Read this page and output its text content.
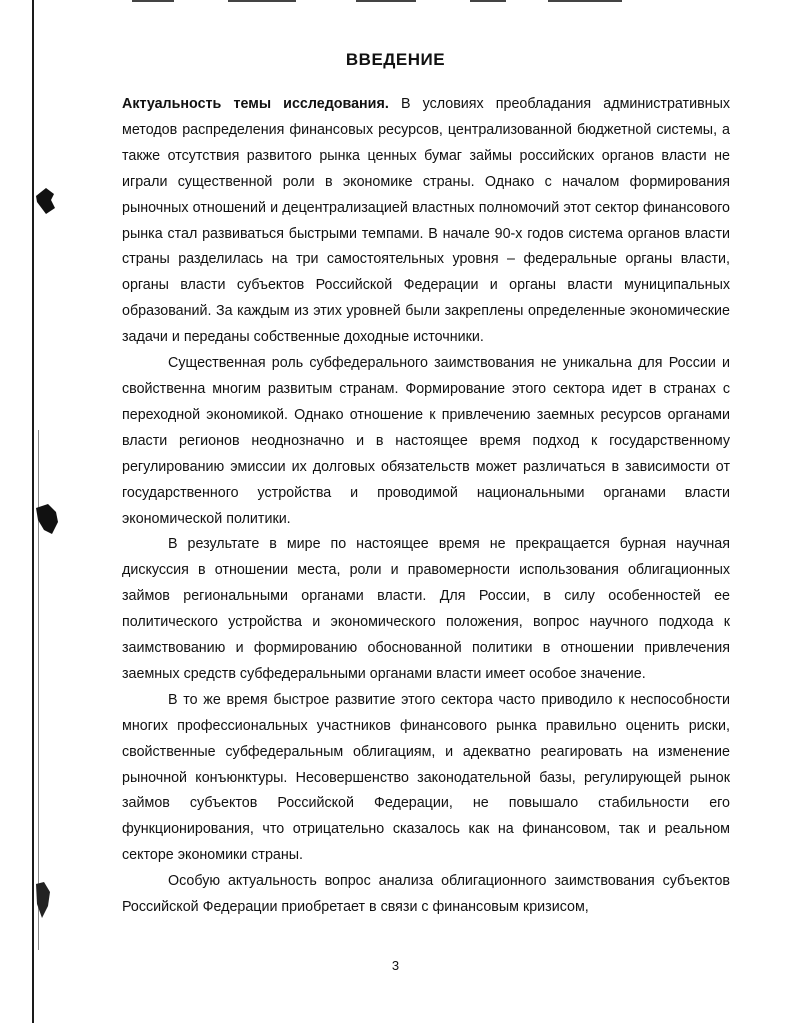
ВВЕДЕНИЕ

Актуальность темы исследования. В условиях преобладания административных методов распределения финансовых ресурсов, централизованной бюджетной системы, а также отсутствия развитого рынка ценных бумаг займы российских органов власти не играли существенной роли в экономике страны. Однако с началом формирования рыночных отношений и децентрализацией властных полномочий этот сектор финансового рынка стал развиваться быстрыми темпами. В начале 90-х годов система органов власти страны разделилась на три самостоятельных уровня – федеральные органы власти, органы власти субъектов Российской Федерации и органы власти муниципальных образований. За каждым из этих уровней были закреплены определенные экономические задачи и переданы собственные доходные источники.

Существенная роль субфедерального заимствования не уникальна для России и свойственна многим развитым странам. Формирование этого сектора идет в странах с переходной экономикой. Однако отношение к привлечению заемных ресурсов органами власти регионов неоднозначно и в настоящее время подход к государственному регулированию эмиссии их долговых обязательств может различаться в зависимости от государственного устройства и проводимой национальными органами власти экономической политики.

В результате в мире по настоящее время не прекращается бурная научная дискуссия в отношении места, роли и правомерности использования облигационных займов региональными органами власти. Для России, в силу особенностей ее политического устройства и экономического положения, вопрос научного подхода к заимствованию и формированию обоснованной политики в отношении привлечения заемных средств субфедеральными органами власти имеет особое значение.

В то же время быстрое развитие этого сектора часто приводило к неспособности многих профессиональных участников финансового рынка правильно оценить риски, свойственные субфедеральным облигациям, и адекватно реагировать на изменение рыночной конъюнктуры. Несовершенство законодательной базы, регулирующей рынок займов субъектов Российской Федерации, не повышало стабильности его функционирования, что отрицательно сказалось как на финансовом, так и реальном секторе экономики страны.

Особую актуальность вопрос анализа облигационного заимствования субъектов Российской Федерации приобретает в связи с финансовым кризисом,

3
